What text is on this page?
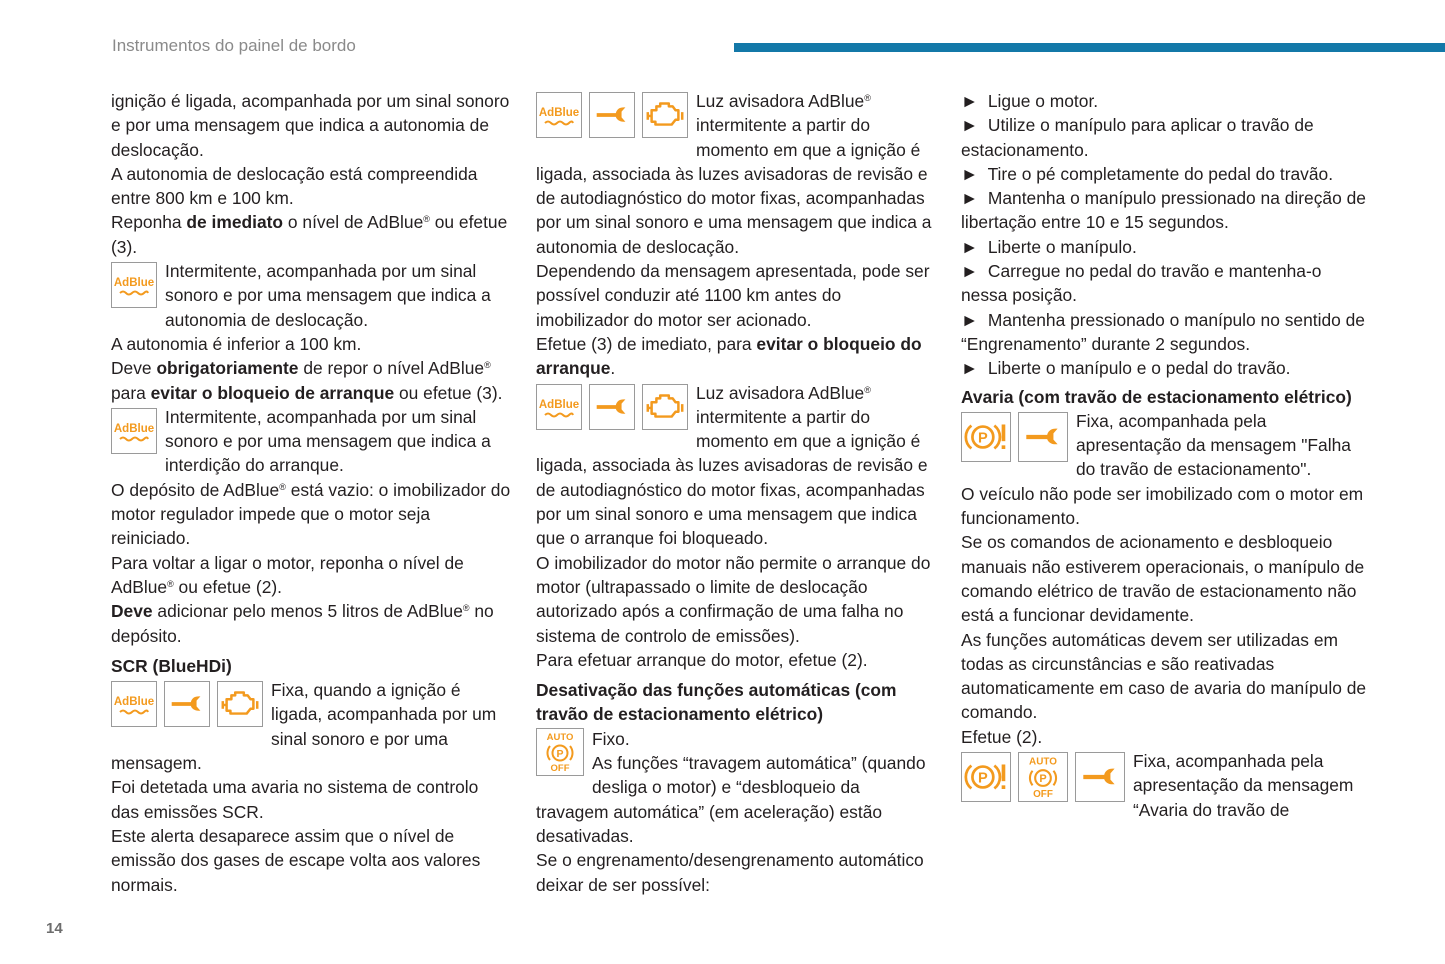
Instrumentos do painel de bordo

ignição é ligada, acompanhada por um sinal sonoro e por uma mensagem que indica a autonomia de deslocação.

A autonomia de deslocação está compreendida entre 800 km e 100 km.

Reponha de imediato o nível de AdBlue® ou efetue (3).

AdBlue

Intermitente, acompanhada por um sinal sonoro e por uma mensagem que indica a autonomia de deslocação.

A autonomia é inferior a 100 km.

Deve obrigatoriamente de repor o nível AdBlue® para evitar o bloqueio de arranque ou efetue (3).

AdBlue

Intermitente, acompanhada por um sinal sonoro e por uma mensagem que indica a interdição do arranque.

O depósito de AdBlue® está vazio: o imobilizador do motor regulador impede que o motor seja reiniciado.

Para voltar a ligar o motor, reponha o nível de AdBlue® ou efetue (2).

Deve adicionar pelo menos 5 litros de AdBlue® no depósito.

SCR (BlueHDi)

AdBlue

Fixa, quando a ignição é ligada, acompanhada por um sinal sonoro e por uma mensagem.

Foi detetada uma avaria no sistema de controlo das emissões SCR.

Este alerta desaparece assim que o nível de emissão dos gases de escape volta aos valores normais.

AdBlue

Luz avisadora AdBlue® intermitente a partir do momento em que a ignição é ligada, associada às luzes avisadoras de revisão e de autodiagnóstico do motor fixas, acompanhadas por um sinal sonoro e uma mensagem que indica a autonomia de deslocação.

Dependendo da mensagem apresentada, pode ser possível conduzir até 1100 km antes do imobilizador do motor ser acionado.

Efetue (3) de imediato, para evitar o bloqueio do arranque.

AdBlue

Luz avisadora AdBlue® intermitente a partir do momento em que a ignição é ligada, associada às luzes avisadoras de revisão e de autodiagnóstico do motor fixas, acompanhadas por um sinal sonoro e uma mensagem que indica que o arranque foi bloqueado.

O imobilizador do motor não permite o arranque do motor (ultrapassado o limite de deslocação autorizado após a confirmação de uma falha no sistema de controlo de emissões).

Para efetuar arranque do motor, efetue (2).

Desativação das funções automáticas (com travão de estacionamento elétrico)

AUTO
P
OFF

Fixo.

As funções “travagem automática” (quando desliga o motor) e “desbloqueio da travagem automática” (em aceleração) estão desativadas.

Se o engrenamento/desengrenamento automático deixar de ser possível:

► Ligue o motor.

► Utilize o manípulo para aplicar o travão de estacionamento.

► Tire o pé completamente do pedal do travão.

► Mantenha o manípulo pressionado na direção de libertação entre 10 e 15 segundos.

► Liberte o manípulo.

► Carregue no pedal do travão e mantenha-o nessa posição.

► Mantenha pressionado o manípulo no sentido de “Engrenamento” durante 2 segundos.

► Liberte o manípulo e o pedal do travão.

Avaria (com travão de estacionamento elétrico)

Fixa, acompanhada pela apresentação da mensagem "Falha do travão de estacionamento".

O veículo não pode ser imobilizado com o motor em funcionamento.

Se os comandos de acionamento e desbloqueio manuais não estiverem operacionais, o manípulo de comando elétrico de travão de estacionamento não está a funcionar devidamente.

As funções automáticas devem ser utilizadas em todas as circunstâncias e são reativadas automaticamente em caso de avaria do manípulo de comando.

Efetue (2).

AUTO
P
OFF

Fixa, acompanhada pela apresentação da mensagem “Avaria do travão de

14
